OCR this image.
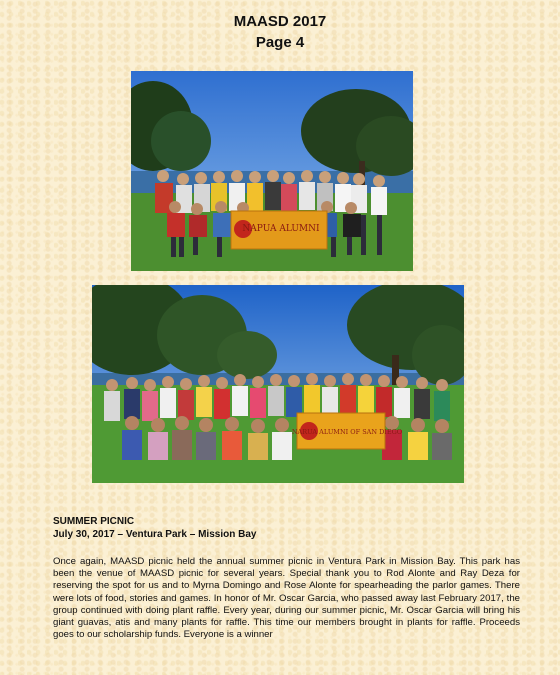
MAASD 2017
Page 4
NAPUA ALUMNI
NARUA ALUMNI OF SAN DIEGO
SUMMER PICNIC
July 30, 2017 – Ventura Park – Mission Bay
Once again, MAASD picnic held the annual summer picnic in Ventura Park in Mission Bay. This park has been the venue of MAASD picnic for several years. Special thank you to Rod Alonte and Ray Deza for reserving the spot for us and to Myrna Domingo and Rose Alonte for spearheading the parlor games. There were lots of food, stories and games. In honor of Mr. Oscar Garcia, who passed away last February 2017, the group continued with doing plant raffle. Every year, during our summer picnic, Mr. Oscar Garcia will bring his giant guavas, atis and many plants for raffle. This time our members brought in plants for raffle. Proceeds goes to our scholarship funds. Everyone is a winner
